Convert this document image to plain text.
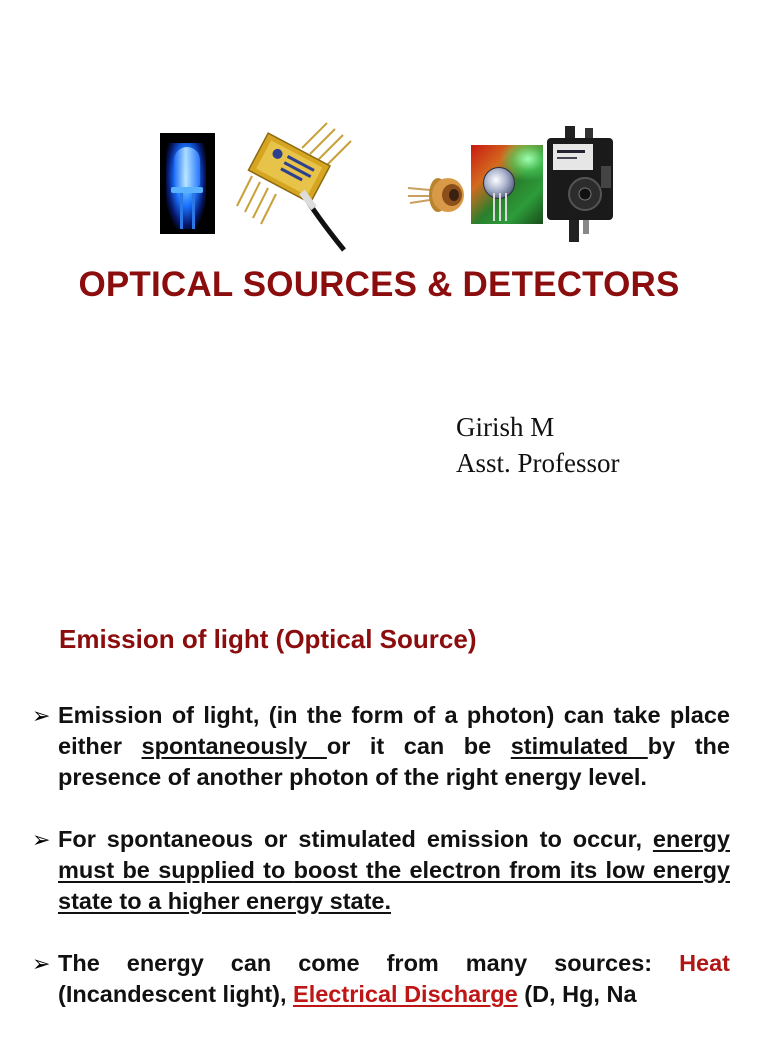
OPTICAL SOURCES & DETECTORS
Girish M
Asst. Professor
Emission of light (Optical Source)
➢ Emission of light, (in the form of a photon) can take place either spontaneously or it can be stimulated by the presence of another photon of the right energy level.
➢ For spontaneous or stimulated emission to occur, energy must be supplied to boost the electron from its low energy state to a higher energy state.
➢ The energy can come from many sources: Heat (Incandescent light), Electrical Discharge (D, Hg, Na
